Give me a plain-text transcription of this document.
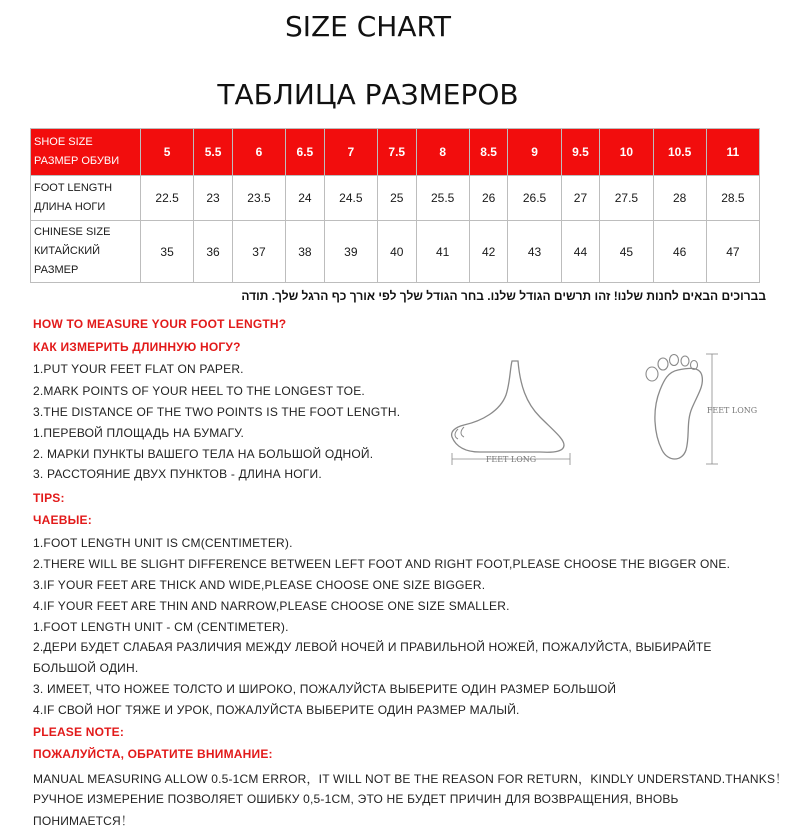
SIZE CHART
ТАБЛИЦА РАЗМЕРОВ
SHOE SIZE
РАЗМЕР ОБУВИ	5	5.5	6	6.5	7	7.5	8	8.5	9	9.5	10	10.5	11

FOOT LENGTH
ДЛИНА НОГИ	22.5	23	23.5	24	24.5	25	25.5	26	26.5	27	27.5	28	28.5

CHINESE SIZE
КИТАЙСКИЙ
РАЗМЕР	35	36	37	38	39	40	41	42	43	44	45	46	47
בברוכים הבאים לחנות שלנו! זהו תרשים הגודל שלנו. בחר הגודל שלך לפי אורך כף הרגל שלך. תודה
HOW TO MEASURE YOUR FOOT LENGTH?
КАК ИЗМЕРИТЬ ДЛИННУЮ НОГУ?
1.PUT YOUR FEET FLAT ON PAPER.
2.MARK POINTS OF YOUR HEEL TO THE LONGEST TOE.
3.THE DISTANCE OF THE TWO POINTS IS THE FOOT LENGTH.
1.ПЕРЕВОЙ ПЛОЩАДЬ НА БУМАГУ.
2. МАРКИ ПУНКТЫ ВАШЕГО ТЕЛА НА БОЛЬШОЙ ОДНОЙ.
3. РАССТОЯНИЕ ДВУХ ПУНКТОВ - ДЛИНА НОГИ.
FEET LONG
FEET LONG
TIPS:
ЧАЕВЫЕ:
1.FOOT LENGTH UNIT IS CM(CENTIMETER).
2.THERE WILL BE SLIGHT DIFFERENCE BETWEEN LEFT FOOT AND RIGHT FOOT,PLEASE CHOOSE THE BIGGER ONE.
3.IF YOUR FEET ARE THICK AND WIDE,PLEASE CHOOSE ONE SIZE BIGGER.
4.IF YOUR FEET ARE THIN AND NARROW,PLEASE CHOOSE ONE SIZE SMALLER.
1.FOOT LENGTH UNIT - CM (CENTIMETER).
2.ДЕРИ БУДЕТ СЛАБАЯ РАЗЛИЧИЯ МЕЖДУ ЛЕВОЙ НОЧЕЙ И ПРАВИЛЬНОЙ НОЖЕЙ, ПОЖАЛУЙСТА, ВЫБИРАЙТЕ
БОЛЬШОЙ ОДИН.
3. ИМЕЕТ, ЧТО НОЖЕЕ ТОЛСТО И ШИРОКО, ПОЖАЛУЙСТА ВЫБЕРИТЕ ОДИН РАЗМЕР БОЛЬШОЙ
4.IF СВОЙ НОГ ТЯЖЕ И УРОК, ПОЖАЛУЙСТА ВЫБЕРИТЕ ОДИН РАЗМЕР МАЛЫЙ.
PLEASE NOTE:
ПОЖАЛУЙСТА, ОБРАТИТЕ ВНИМАНИЕ:
MANUAL MEASURING ALLOW 0.5-1CM ERROR，IT WILL NOT BE THE REASON FOR RETURN，KINDLY UNDERSTAND.THANKS！
РУЧНОЕ ИЗМЕРЕНИЕ ПОЗВОЛЯЕТ ОШИБКУ 0,5-1CM, ЭТО НЕ БУДЕТ ПРИЧИН ДЛЯ ВОЗВРАЩЕНИЯ, ВНОВЬ
ПОНИМАЕТСЯ！
